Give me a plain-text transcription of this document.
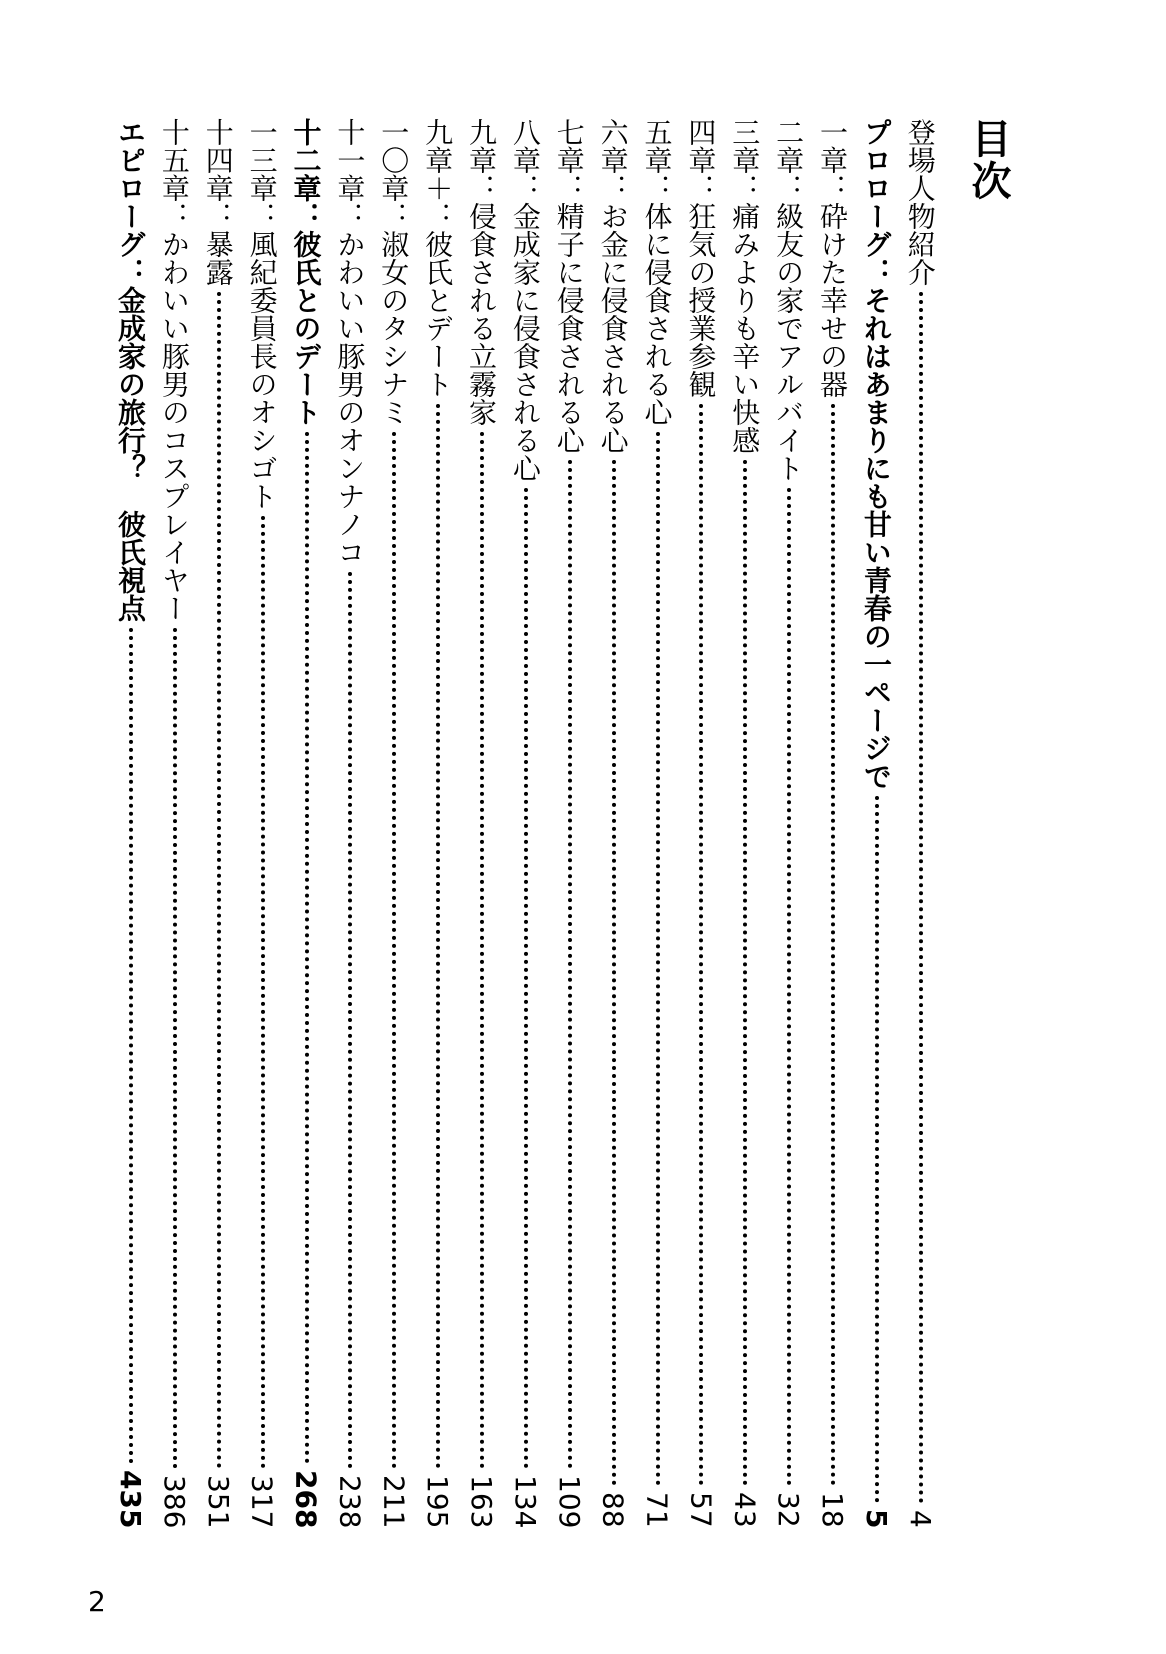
目次
登場人物紹介
4
プロローグ：それはあまりにも甘い青春の一ページで
5
一章：砕けた幸せの器
18
二章：級友の家でアルバイト
32
三章：痛みよりも辛い快感
43
四章：狂気の授業参観
57
五章：体に侵食される心
71
六章：お金に侵食される心
88
七章：精子に侵食される心
109
八章：金成家に侵食される心
134
九章：侵食される立霧家
163
九章＋：彼氏とデート
195
一〇章：淑女のタシナミ
211
十一章：かわいい豚男のオンナノコ
238
十二章：彼氏とのデート
268
一三章：風紀委員長のオシゴト
317
十四章：暴露
351
十五章：かわいい豚男のコスプレイヤー
386
エピローグ：金成家の旅行？　彼氏視点
435
2
